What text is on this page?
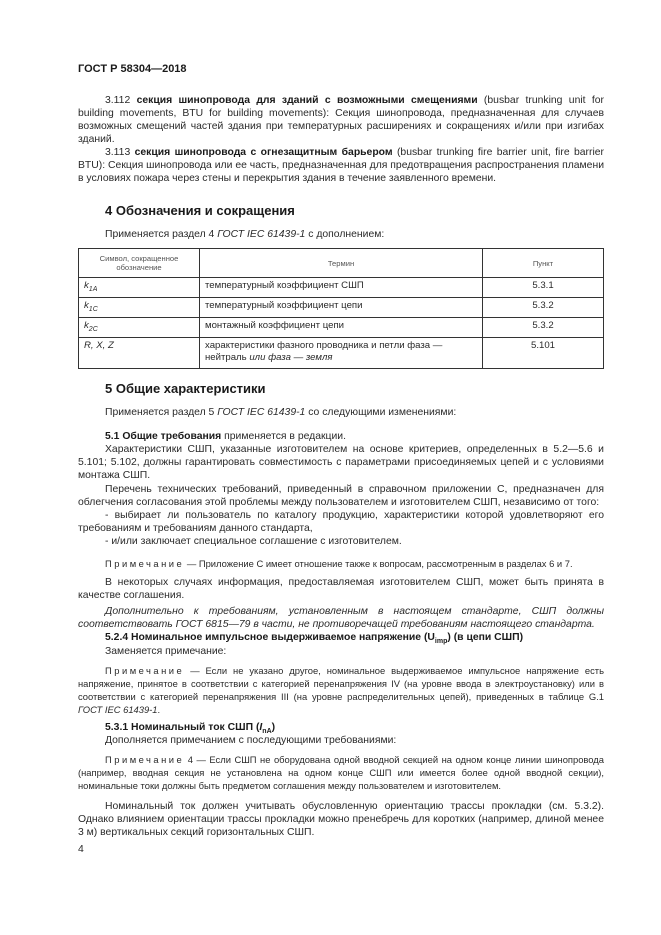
ГОСТ Р 58304—2018
3.112 секция шинопровода для зданий с возможными смещениями (busbar trunking unit for building movements, BTU for building movements): Секция шинопровода, предназначенная для случаев возможных смещений частей здания при температурных расширениях и сокращениях и/или при изгибах зданий.
3.113 секция шинопровода с огнезащитным барьером (busbar trunking fire barrier unit, fire barrier BTU): Секция шинопровода или ее часть, предназначенная для предотвращения распространения пламени в условиях пожара через стены и перекрытия здания в течение заявленного времени.
4 Обозначения и сокращения
Применяется раздел 4 ГОСТ IEC 61439-1 с дополнением:
Символ, сокращенное обозначение	Термин	Пункт
$k_{1A}$	температурный коэффициент СШП	5.3.1
$k_{1C}$	температурный коэффициент цепи	5.3.2
$k_{2C}$	монтажный коэффициент цепи	5.3.2
R, X, Z	характеристики фазного проводника и петли фаза — нейтраль или фаза — земля	5.101
5 Общие характеристики
Применяется раздел 5 ГОСТ IEC 61439-1 со следующими изменениями:
5.1 Общие требования применяется в редакции.
Характеристики СШП, указанные изготовителем на основе критериев, определенных в 5.2—5.6 и 5.101; 5.102, должны гарантировать совместимость с параметрами присоединяемых цепей и с условиями монтажа СШП.
Перечень технических требований, приведенный в справочном приложении С, предназначен для облегчения согласования этой проблемы между пользователем и изготовителем СШП, независимо от того:
- выбирает ли пользователь по каталогу продукцию, характеристики которой удовлетворяют его требованиям и требованиям данного стандарта,
- и/или заключает специальное соглашение с изготовителем.
Примечание — Приложение С имеет отношение также к вопросам, рассмотренным в разделах 6 и 7.
В некоторых случаях информация, предоставляемая изготовителем СШП, может быть принята в качестве соглашения.
Дополнительно к требованиям, установленным в настоящем стандарте, СШП должны соответствовать ГОСТ 6815—79 в части, не противоречащей требованиям настоящего стандарта.
5.2.4 Номинальное импульсное выдерживаемое напряжение $(U_{imp})$ (в цепи СШП)
Заменяется примечание:
Примечание — Если не указано другое, номинальное выдерживаемое импульсное напряжение есть напряжение, принятое в соответствии с категорией перенапряжения IV (на уровне ввода в электроустановку) или в соответствии с категорией перенапряжения III (на уровне распределительных цепей), приведенных в таблице G.1 ГОСТ IEC 61439-1.
5.3.1 Номинальный ток СШП $(I_{nA})$
Дополняется примечанием с последующими требованиями:
Примечание 4 — Если СШП не оборудована одной вводной секцией на одном конце линии шинопровода (например, вводная секция не установлена на одном конце СШП или имеется более одной вводной секции), номинальные токи должны быть предметом соглашения между пользователем и изготовителем.
Номинальный ток должен учитывать обусловленную ориентацию трассы прокладки (см. 5.3.2). Однако влиянием ориентации трассы прокладки можно пренебречь для коротких (например, длиной менее 3 м) вертикальных секций горизонтальных СШП.
4
